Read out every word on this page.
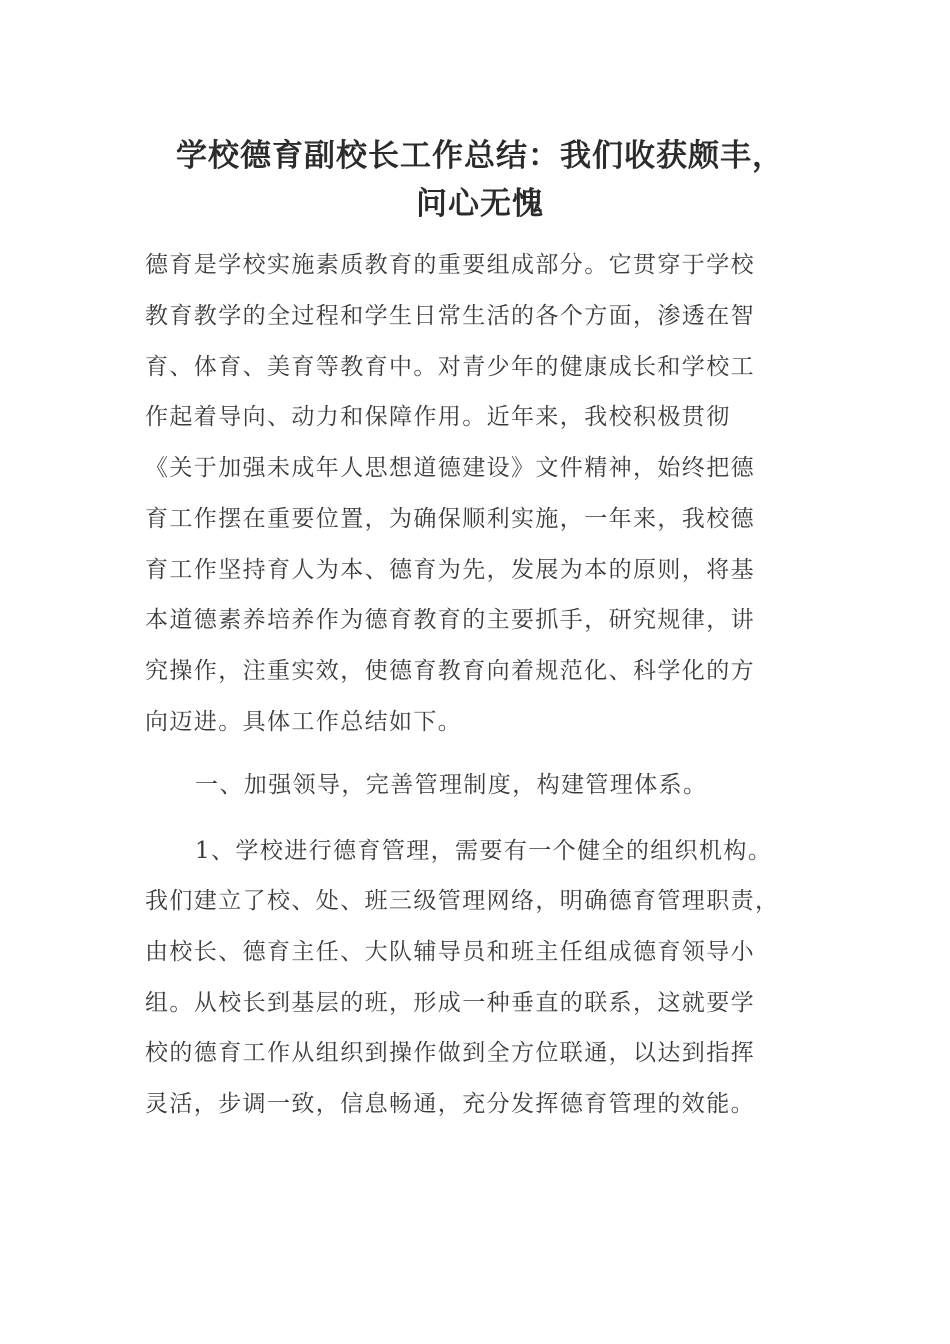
学校德育副校长工作总结：我们收获颇丰，
问心无愧
德育是学校实施素质教育的重要组成部分。它贯穿于学校
教育教学的全过程和学生日常生活的各个方面，渗透在智
育、体育、美育等教育中。对青少年的健康成长和学校工
作起着导向、动力和保障作用。近年来，我校积极贯彻
《关于加强未成年人思想道德建设》文件精神，始终把德
育工作摆在重要位置，为确保顺利实施，一年来，我校德
育工作坚持育人为本、德育为先，发展为本的原则，将基
本道德素养培养作为德育教育的主要抓手，研究规律，讲
究操作，注重实效，使德育教育向着规范化、科学化的方
向迈进。具体工作总结如下。
一、加强领导，完善管理制度，构建管理体系。
1、学校进行德育管理，需要有一个健全的组织机构。
我们建立了校、处、班三级管理网络，明确德育管理职责，
由校长、德育主任、大队辅导员和班主任组成德育领导小
组。从校长到基层的班，形成一种垂直的联系，这就要学
校的德育工作从组织到操作做到全方位联通，以达到指挥
灵活，步调一致，信息畅通，充分发挥德育管理的效能。
